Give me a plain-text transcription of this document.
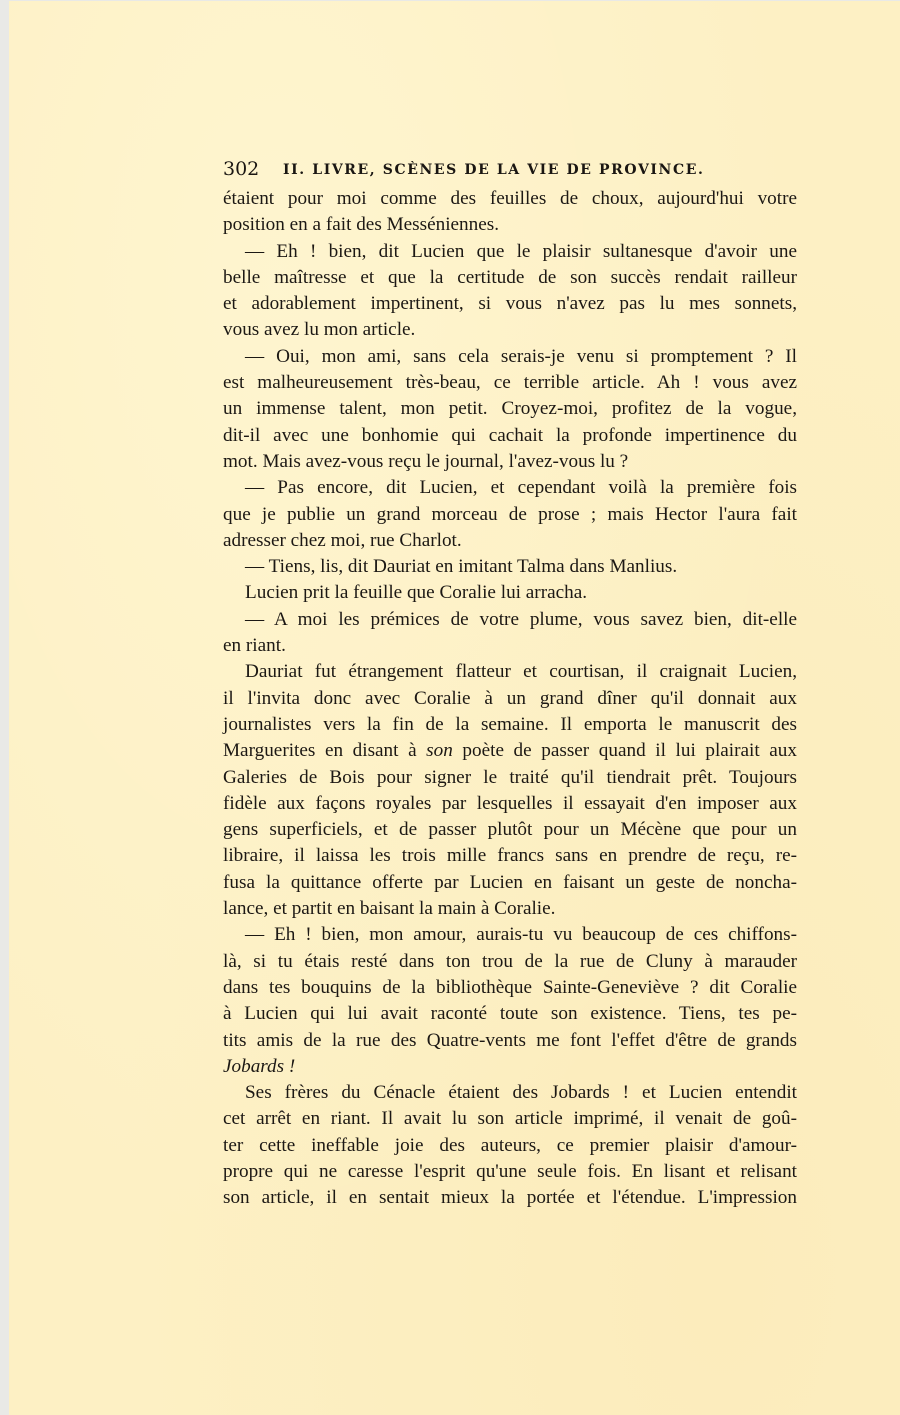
302 II. LIVRE, SCÈNES DE LA VIE DE PROVINCE.
étaient pour moi comme des feuilles de choux, aujourd'hui votre
position en a fait des Messéniennes.
— Eh ! bien, dit Lucien que le plaisir sultanesque d'avoir une
belle maîtresse et que la certitude de son succès rendait railleur
et adorablement impertinent, si vous n'avez pas lu mes sonnets,
vous avez lu mon article.
— Oui, mon ami, sans cela serais-je venu si promptement ? Il
est malheureusement très-beau, ce terrible article. Ah ! vous avez
un immense talent, mon petit. Croyez-moi, profitez de la vogue,
dit-il avec une bonhomie qui cachait la profonde impertinence du
mot. Mais avez-vous reçu le journal, l'avez-vous lu ?
— Pas encore, dit Lucien, et cependant voilà la première fois
que je publie un grand morceau de prose ; mais Hector l'aura fait
adresser chez moi, rue Charlot.
— Tiens, lis, dit Dauriat en imitant Talma dans Manlius.
Lucien prit la feuille que Coralie lui arracha.
— A moi les prémices de votre plume, vous savez bien, dit-elle
en riant.
Dauriat fut étrangement flatteur et courtisan, il craignait Lucien,
il l'invita donc avec Coralie à un grand dîner qu'il donnait aux
journalistes vers la fin de la semaine. Il emporta le manuscrit des
Marguerites en disant à son poète de passer quand il lui plairait aux
Galeries de Bois pour signer le traité qu'il tiendrait prêt. Toujours
fidèle aux façons royales par lesquelles il essayait d'en imposer aux
gens superficiels, et de passer plutôt pour un Mécène que pour un
libraire, il laissa les trois mille francs sans en prendre de reçu, re-
fusa la quittance offerte par Lucien en faisant un geste de noncha-
lance, et partit en baisant la main à Coralie.
— Eh ! bien, mon amour, aurais-tu vu beaucoup de ces chiffons-
là, si tu étais resté dans ton trou de la rue de Cluny à marauder
dans tes bouquins de la bibliothèque Sainte-Geneviève ? dit Coralie
à Lucien qui lui avait raconté toute son existence. Tiens, tes pe-
tits amis de la rue des Quatre-vents me font l'effet d'être de grands
Jobards !
Ses frères du Cénacle étaient des Jobards ! et Lucien entendit
cet arrêt en riant. Il avait lu son article imprimé, il venait de goû-
ter cette ineffable joie des auteurs, ce premier plaisir d'amour-
propre qui ne caresse l'esprit qu'une seule fois. En lisant et relisant
son article, il en sentait mieux la portée et l'étendue. L'impression
